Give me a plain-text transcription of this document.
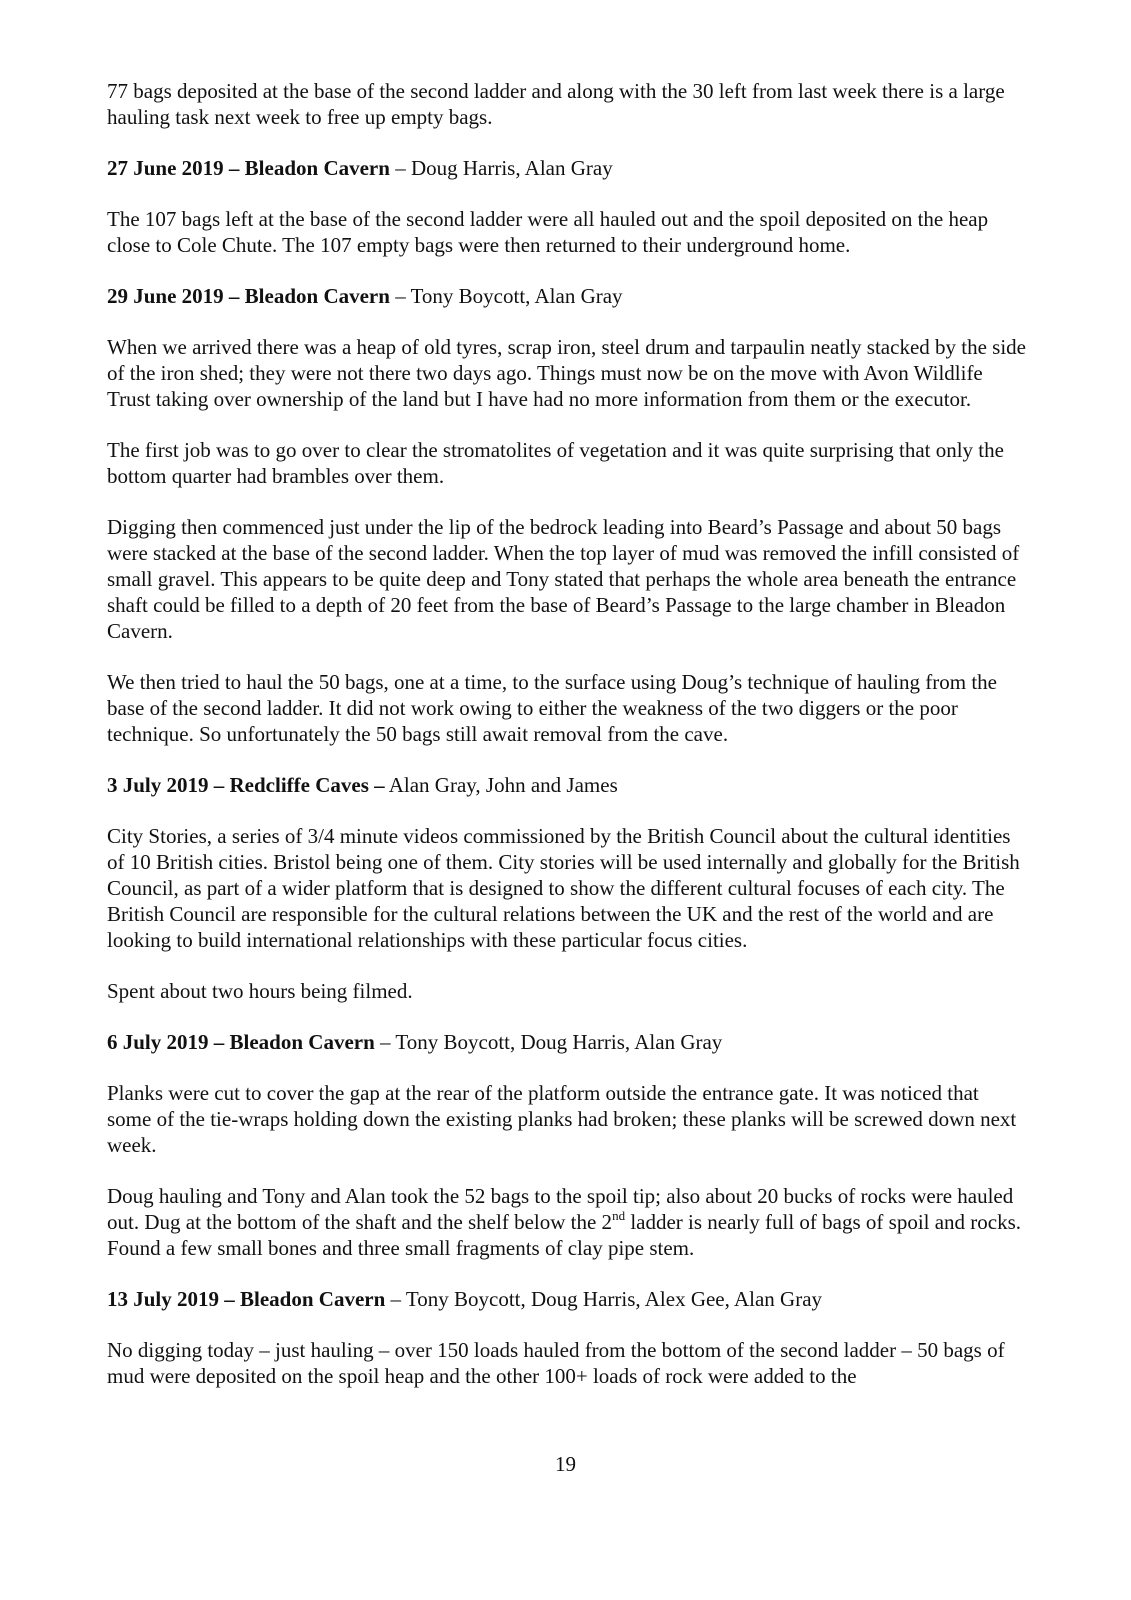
77 bags deposited at the base of the second ladder and along with the 30 left from last week there is a large hauling task next week to free up empty bags.

27 June 2019 – Bleadon Cavern – Doug Harris, Alan Gray

The 107 bags left at the base of the second ladder were all hauled out and the spoil deposited on the heap close to Cole Chute. The 107 empty bags were then returned to their underground home.

29 June 2019 – Bleadon Cavern – Tony Boycott, Alan Gray

When we arrived there was a heap of old tyres, scrap iron, steel drum and tarpaulin neatly stacked by the side of the iron shed; they were not there two days ago. Things must now be on the move with Avon Wildlife Trust taking over ownership of the land but I have had no more information from them or the executor.

The first job was to go over to clear the stromatolites of vegetation and it was quite surprising that only the bottom quarter had brambles over them.

Digging then commenced just under the lip of the bedrock leading into Beard’s Passage and about 50 bags were stacked at the base of the second ladder. When the top layer of mud was removed the infill consisted of small gravel. This appears to be quite deep and Tony stated that perhaps the whole area beneath the entrance shaft could be filled to a depth of 20 feet from the base of Beard’s Passage to the large chamber in Bleadon Cavern.

We then tried to haul the 50 bags, one at a time, to the surface using Doug’s technique of hauling from the base of the second ladder. It did not work owing to either the weakness of the two diggers or the poor technique. So unfortunately the 50 bags still await removal from the cave.

3 July 2019 – Redcliffe Caves – Alan Gray, John and James

City Stories, a series of 3/4 minute videos commissioned by the British Council about the cultural identities of 10 British cities. Bristol being one of them. City stories will be used internally and globally for the British Council, as part of a wider platform that is designed to show the different cultural focuses of each city. The British Council are responsible for the cultural relations between the UK and the rest of the world and are looking to build international relationships with these particular focus cities.

Spent about two hours being filmed.

6 July 2019 – Bleadon Cavern – Tony Boycott, Doug Harris, Alan Gray

Planks were cut to cover the gap at the rear of the platform outside the entrance gate. It was noticed that some of the tie-wraps holding down the existing planks had broken; these planks will be screwed down next week.

Doug hauling and Tony and Alan took the 52 bags to the spoil tip; also about 20 bucks of rocks were hauled out. Dug at the bottom of the shaft and the shelf below the 2nd ladder is nearly full of bags of spoil and rocks. Found a few small bones and three small fragments of clay pipe stem.

13 July 2019 – Bleadon Cavern – Tony Boycott, Doug Harris, Alex Gee, Alan Gray

No digging today – just hauling – over 150 loads hauled from the bottom of the second ladder – 50 bags of mud were deposited on the spoil heap and the other 100+ loads of rock were added to the

19
